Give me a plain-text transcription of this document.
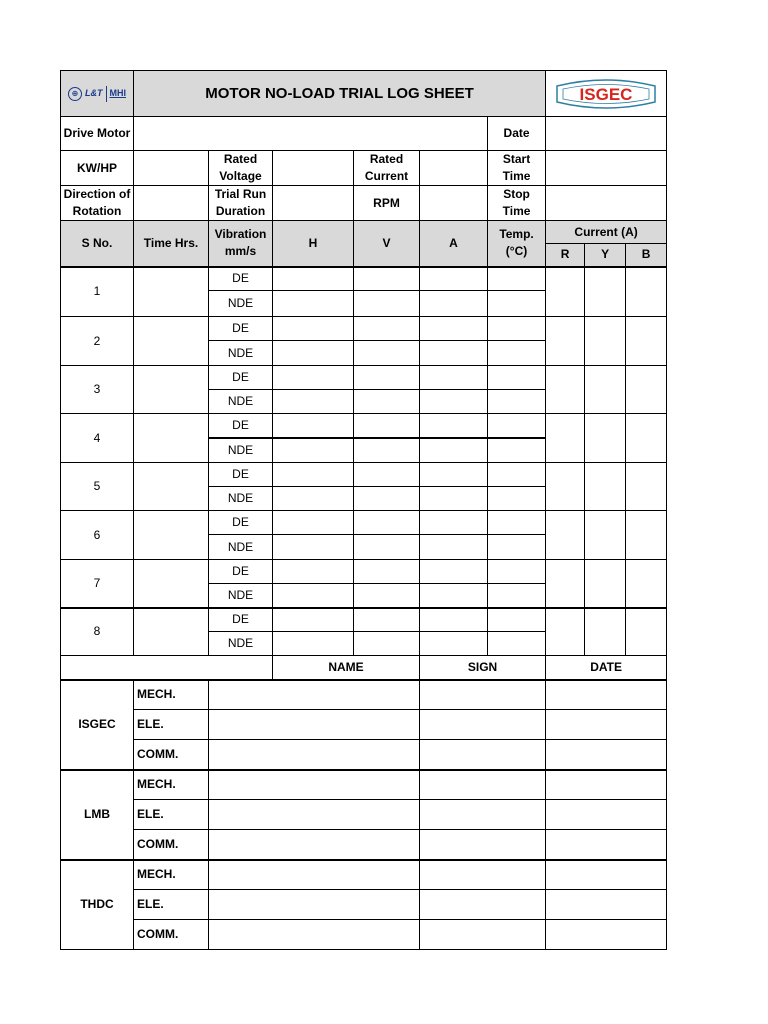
⊕ L&T MHI	MOTOR NO-LOAD TRIAL LOG SHEET						ISGEC		

Drive Motor						Date			
KW/HP		Rated Voltage		Rated Current		Start Time			
Direction of Rotation		Trial Run Duration		RPM		Stop Time			
S No.	Time Hrs.	Vibration mm/s	H	V	A	Temp. (°C)	Current (A)		
							R	Y	B
1		DE							
		NDE							
2		DE							
		NDE							
3		DE							
		NDE							
4		DE							
		NDE							
5		DE							
		NDE							
6		DE							
		NDE							
7		DE							
		NDE							
8		DE							
		NDE							
			NAME		SIGN		DATE		
ISGEC	MECH.								
	ELE.								
	COMM.								
LMB	MECH.								
	ELE.								
	COMM.								
THDC	MECH.								
	ELE.								
	COMM.								
